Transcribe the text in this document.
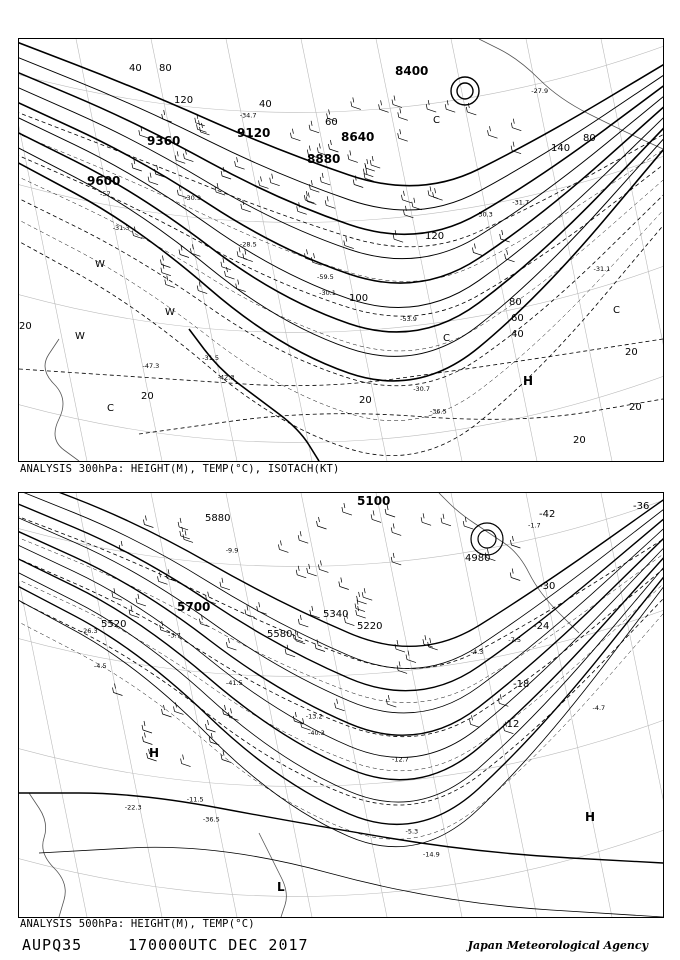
-36.5
-34.7
-31.5
-30.9
-31.7
-30.7
-31.1
-28.5
-30.1
-42.3
-47.3
-57
-59.5
-53.9
-30.3
-27.9
-31.3
9600
9360
9120
8880
8640
8400
40 80
120
100	80
60
40
20	20
20
20
20
20
40
60
80
140
120
H
C
C
C
W
W
W
C
ANALYSIS 300hPa: HEIGHT(M), TEMP(°C), ISOTACH(KT)
-14.9
-9.9
-11.5
-3.7
-7.5
-5.3
-4.7
-41.5
-40.3
-36.5
-22.3
-26.3
-13.2
-12.7
-4.3
-1.7
-4.5
5880
5700
5520
5580
5340
5220
5100
4980
-36
-42
-30
-24
-18
-12
H
H
L
ANALYSIS 500hPa: HEIGHT(M), TEMP(°C)
AUPQ35	170000UTC DEC 2017	Japan Meteorological Agency
